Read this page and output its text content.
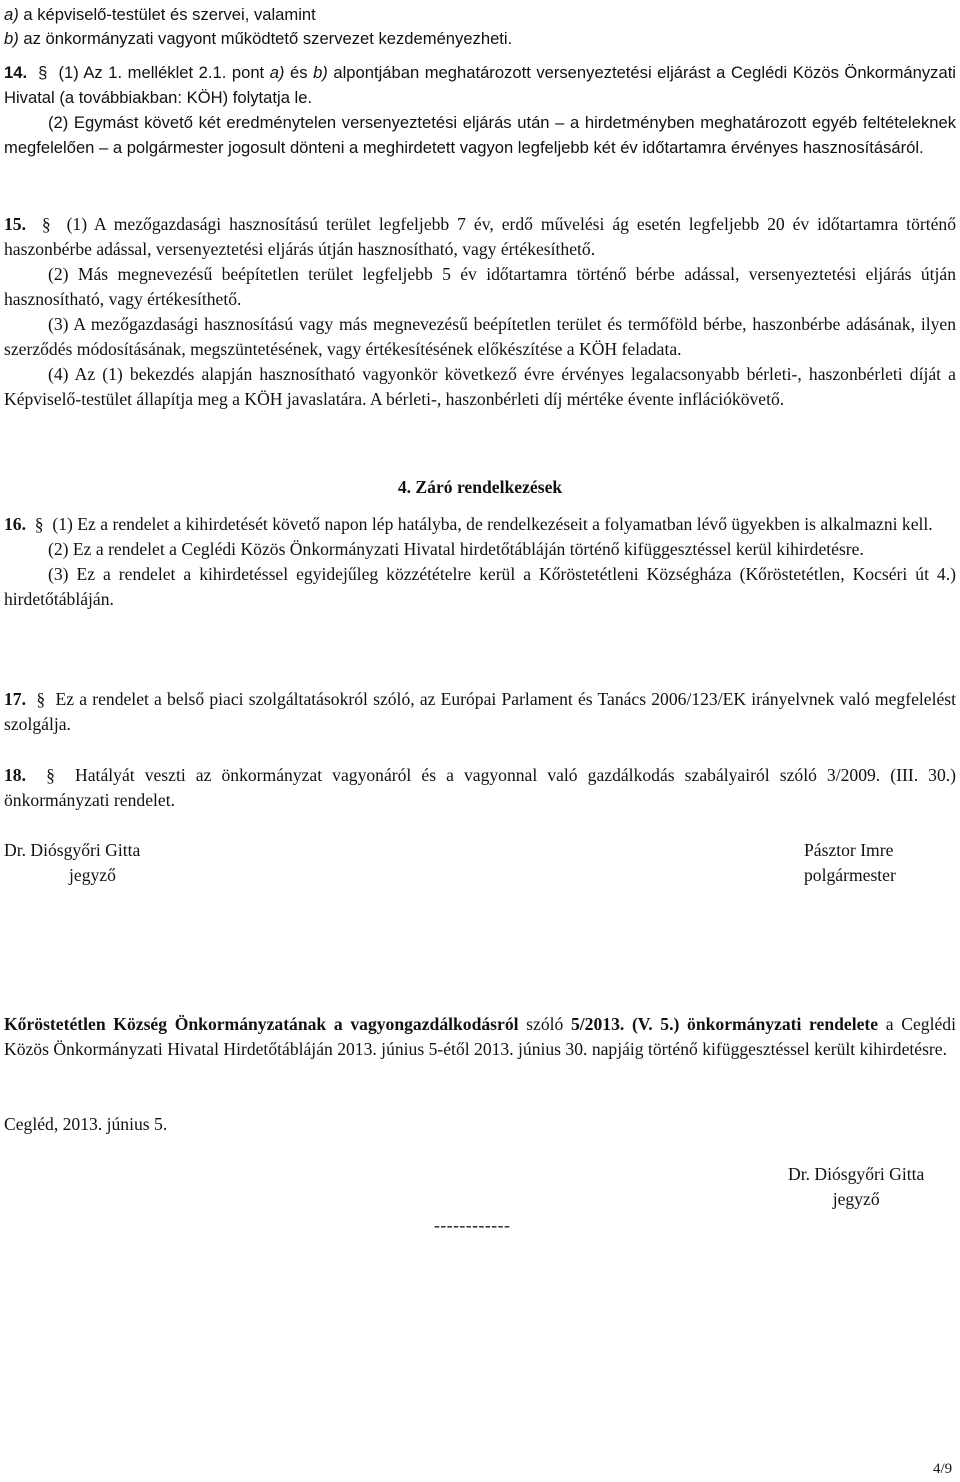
a) a képviselő-testület és szervei, valamint
b) az önkormányzati vagyont működtető szervezet kezdeményezheti.

14. § (1) Az 1. melléklet 2.1. pont a) és b) alpontjában meghatározott versenyeztetési eljárást a Ceglédi Közös Önkormányzati Hivatal (a továbbiakban: KÖH) folytatja le.

(2) Egymást követő két eredménytelen versenyeztetési eljárás után – a hirdetményben meghatározott egyéb feltételeknek megfelelően – a polgármester jogosult dönteni a meghirdetett vagyon legfeljebb két év időtartamra érvényes hasznosításáról.

15. § (1) A mezőgazdasági hasznosítású terület legfeljebb 7 év, erdő művelési ág esetén legfeljebb 20 év időtartamra történő haszonbérbe adással, versenyeztetési eljárás útján hasznosítható, vagy értékesíthető.

(2) Más megnevezésű beépítetlen terület legfeljebb 5 év időtartamra történő bérbe adással, versenyeztetési eljárás útján hasznosítható, vagy értékesíthető.

(3) A mezőgazdasági hasznosítású vagy más megnevezésű beépítetlen terület és termőföld bérbe, haszonbérbe adásának, ilyen szerződés módosításának, megszüntetésének, vagy értékesítésének előkészítése a KÖH feladata.

(4) Az (1) bekezdés alapján hasznosítható vagyonkör következő évre érvényes legalacsonyabb bérleti-, haszonbérleti díját a Képviselő-testület állapítja meg a KÖH javaslatára. A bérleti-, haszonbérleti díj mértéke évente inflációkövető.

4. Záró rendelkezések

16. § (1) Ez a rendelet a kihirdetését követő napon lép hatályba, de rendelkezéseit a folyamatban lévő ügyekben is alkalmazni kell.

(2) Ez a rendelet a Ceglédi Közös Önkormányzati Hivatal hirdetőtábláján történő kifüggesztéssel kerül kihirdetésre.

(3) Ez a rendelet a kihirdetéssel egyidejűleg közzétételre kerül a Kőröstetétleni Községháza (Kőröstetétlen, Kocséri út 4.) hirdetőtábláján.

17. § Ez a rendelet a belső piaci szolgáltatásokról szóló, az Európai Parlament és Tanács 2006/123/EK irányelvnek való megfelelést szolgálja.

18. § Hatályát veszti az önkormányzat vagyonáról és a vagyonnal való gazdálkodás szabályairól szóló 3/2009. (III. 30.) önkormányzati rendelet.

Dr. Diósgyőri Gitta
jegyző
Pásztor Imre
polgármester

Kőröstetétlen Község Önkormányzatának a vagyongazdálkodásról szóló 5/2013. (V. 5.) önkormányzati rendelete a Ceglédi Közös Önkormányzati Hivatal Hirdetőtábláján 2013. június 5-étől 2013. június 30. napjáig történő kifüggesztéssel került kihirdetésre.

Cegléd, 2013. június 5.
Dr. Diósgyőri Gitta
jegyző
------------
4/9
